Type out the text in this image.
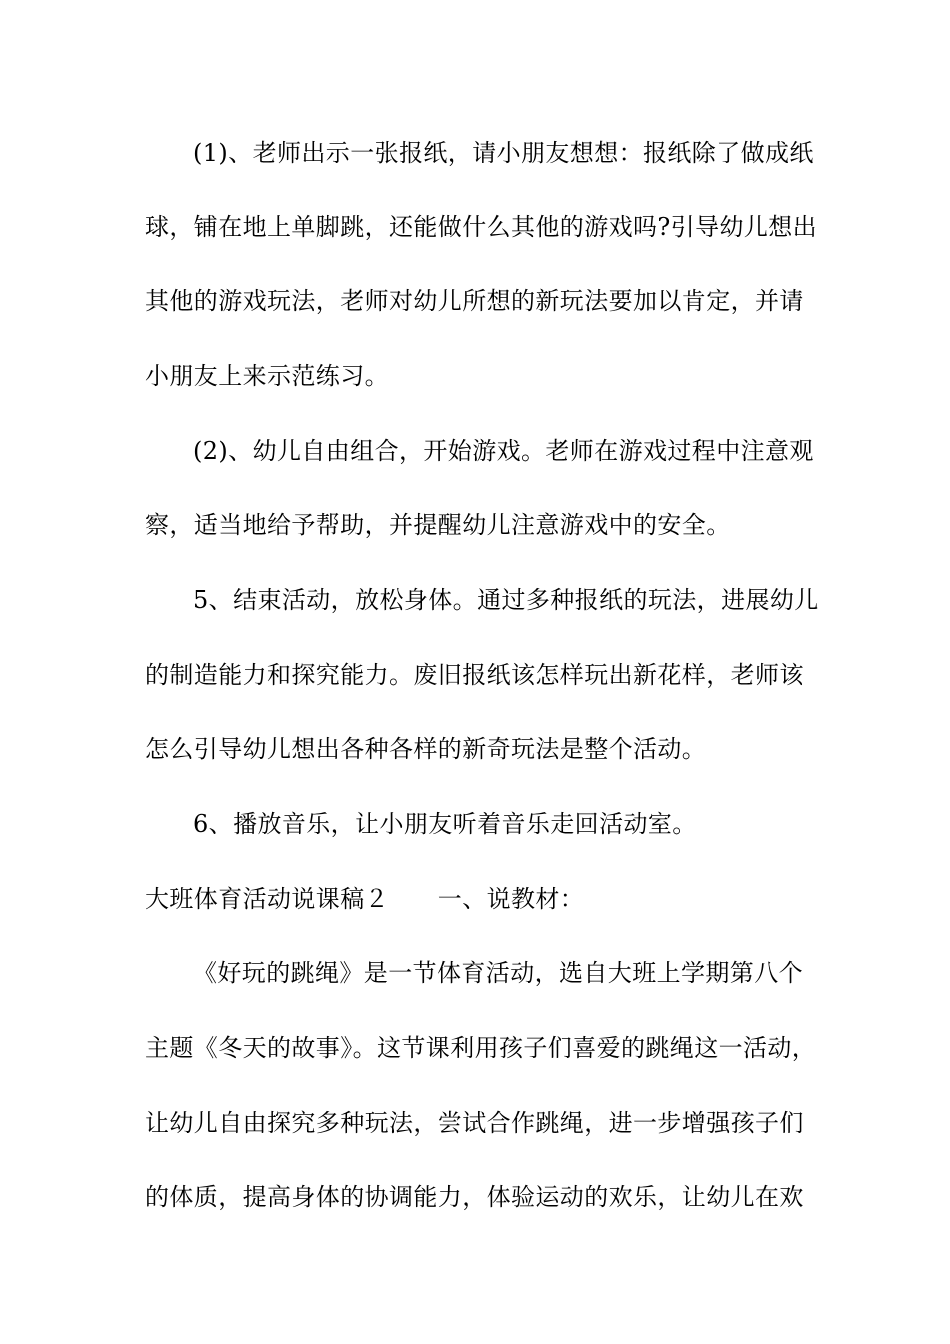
(1)、老师出示一张报纸，请小朋友想想：报纸除了做成纸
球，铺在地上单脚跳，还能做什么其他的游戏吗?引导幼儿想出
其他的游戏玩法，老师对幼儿所想的新玩法要加以肯定，并请
小朋友上来示范练习。
(2)、幼儿自由组合，开始游戏。老师在游戏过程中注意观
察，适当地给予帮助，并提醒幼儿注意游戏中的安全。
5、结束活动，放松身体。通过多种报纸的玩法，进展幼儿
的制造能力和探究能力。废旧报纸该怎样玩出新花样，老师该
怎么引导幼儿想出各种各样的新奇玩法是整个活动。
6、播放音乐，让小朋友听着音乐走回活动室。
大班体育活动说课稿２　　一、说教材：
《好玩的跳绳》是一节体育活动，选自大班上学期第八个
主题《冬天的故事》。这节课利用孩子们喜爱的跳绳这一活动，
让幼儿自由探究多种玩法，尝试合作跳绳，进一步增强孩子们
的体质，提高身体的协调能力，体验运动的欢乐，让幼儿在欢
